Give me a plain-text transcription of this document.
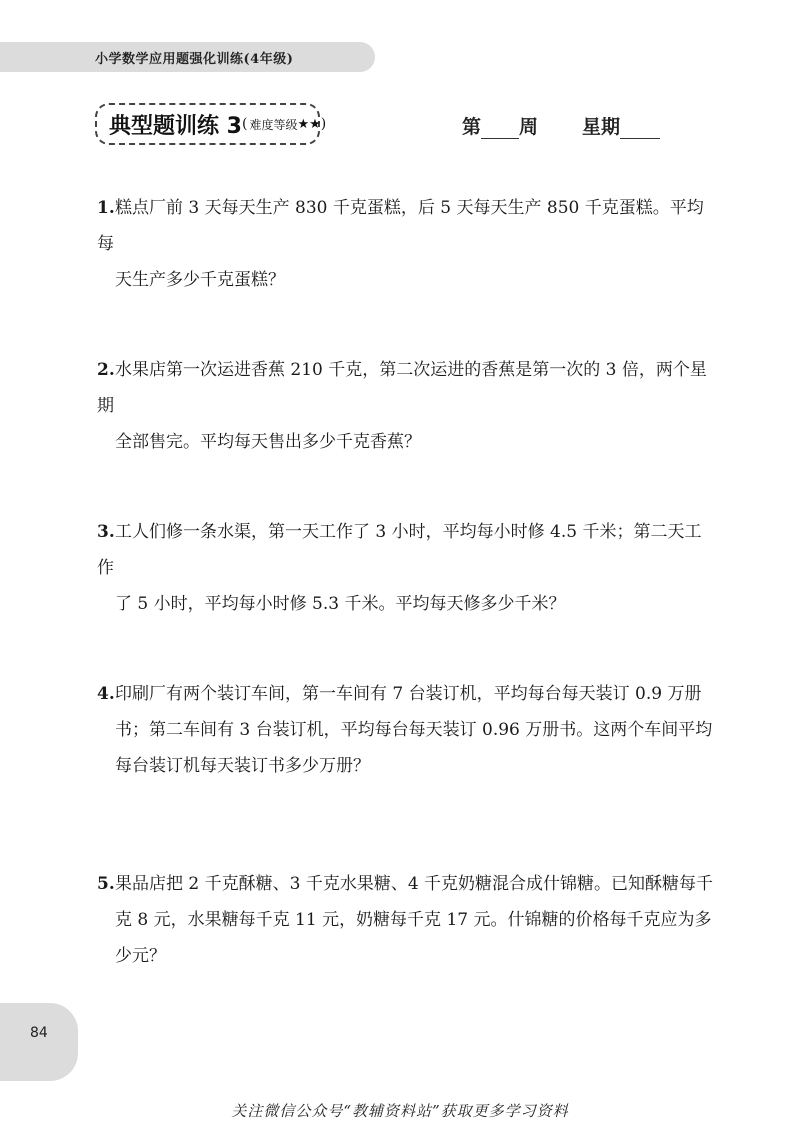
小学数学应用题强化训练(4年级)
典型题训练 3 ( 难度等级 ★★ )	第 周 星期
1.糕点厂前 3 天每天生产 830 千克蛋糕，后 5 天每天生产 850 千克蛋糕。平均每
天生产多少千克蛋糕？
2.水果店第一次运进香蕉 210 千克，第二次运进的香蕉是第一次的 3 倍，两个星期
全部售完。平均每天售出多少千克香蕉？
3.工人们修一条水渠，第一天工作了 3 小时，平均每小时修 4.5 千米；第二天工作
了 5 小时，平均每小时修 5.3 千米。平均每天修多少千米？
4.印刷厂有两个装订车间，第一车间有 7 台装订机，平均每台每天装订 0.9 万册
书；第二车间有 3 台装订机，平均每台每天装订 0.96 万册书。这两个车间平均
每台装订机每天装订书多少万册？
5.果品店把 2 千克酥糖、3 千克水果糖、4 千克奶糖混合成什锦糖。已知酥糖每千
克 8 元，水果糖每千克 11 元，奶糖每千克 17 元。什锦糖的价格每千克应为多
少元？
84
关注微信公众号“教辅资料站”获取更多学习资料
